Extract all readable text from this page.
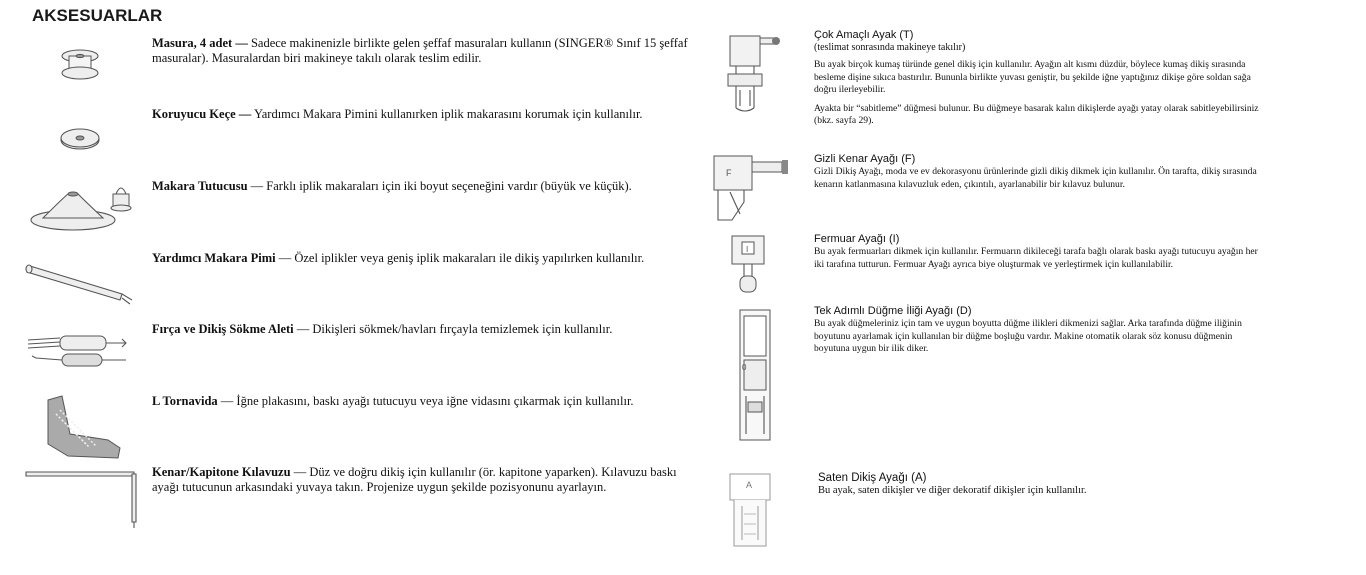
AKSESUARLAR
Masura, 4 adet — Sadece makinenizle birlikte gelen şeffaf masuraları kullanın (SINGER® Sınıf 15 şeffaf masuralar). Masuralardan biri makineye takılı olarak teslim edilir.
Koruyucu Keçe — Yardımcı Makara Pimini kullanırken iplik makarasını korumak için kullanılır.
Makara Tutucusu — Farklı iplik makaraları için iki boyut seçeneğini vardır (büyük ve küçük).
Yardımcı Makara Pimi — Özel iplikler veya geniş iplik makaraları ile dikiş yapılırken kullanılır.
Fırça ve Dikiş Sökme Aleti — Dikişleri sökmek/havları fırçayla temizlemek için kullanılır.
L Tornavida — İğne plakasını, baskı ayağı tutucuyu veya iğne vidasını çıkarmak için kullanılır.
Kenar/Kapitone Kılavuzu — Düz ve doğru dikiş için kullanılır (ör. kapitone yaparken). Kılavuzu baskı ayağı tutucunun arkasındaki yuvaya takın. Projenize uygun şekilde pozisyonunu ayarlayın.
F
I
0
A
Çok Amaçlı Ayak (T)
(teslimat sonrasında makineye takılır)
Bu ayak birçok kumaş türünde genel dikiş için kullanılır. Ayağın alt kısmı düzdür, böylece kumaş dikiş sırasında besleme dişine sıkıca bastırılır. Bununla birlikte yuvası geniştir, bu şekilde iğne yaptığınız dikişe göre soldan sağa doğru ilerleyebilir.
Ayakta bir “sabitleme” düğmesi bulunur. Bu düğmeye basarak kalın dikişlerde ayağı yatay olarak sabitleyebilirsiniz (bkz. sayfa 29).
Gizli Kenar Ayağı (F)
Gizli Dikiş Ayağı, moda ve ev dekorasyonu ürünlerinde gizli dikiş dikmek için kullanılır. Ön tarafta, dikiş sırasında kenarın katlanmasına kılavuzluk eden, çıkıntılı, ayarlanabilir bir kılavuz bulunur.
Fermuar Ayağı (I)
Bu ayak fermuarları dikmek için kullanılır. Fermuarın dikileceği tarafa bağlı olarak baskı ayağı tutucuyu ayağın her iki tarafına tutturun. Fermuar Ayağı ayrıca biye oluşturmak ve yerleştirmek için kullanılabilir.
Tek Adımlı Düğme İliği Ayağı (D)
Bu ayak düğmeleriniz için tam ve uygun boyutta düğme ilikleri dikmenizi sağlar. Arka tarafında düğme iliğinin boyutunu ayarlamak için kullanılan bir düğme boşluğu vardır. Makine otomatik olarak söz konusu düğmenin boyutuna uygun bir ilik diker.
Saten Dikiş Ayağı (A)
Bu ayak, saten dikişler ve diğer dekoratif dikişler için kullanılır.
